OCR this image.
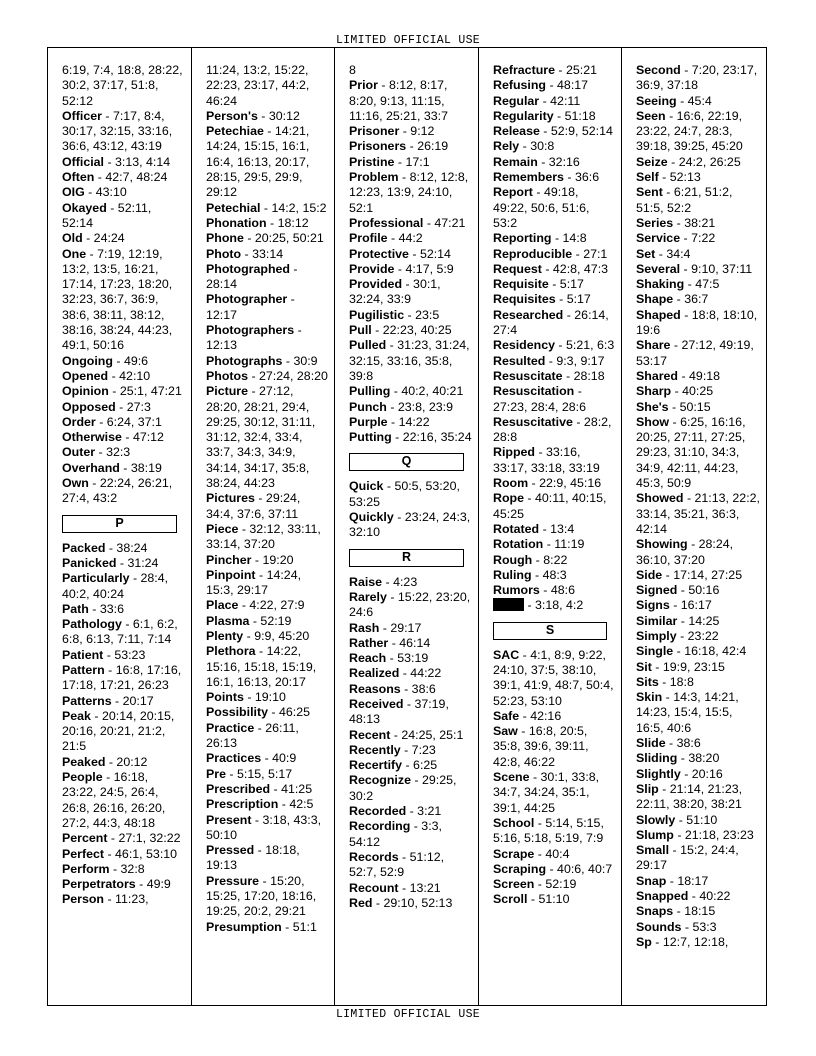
LIMITED OFFICIAL USE

6:19, 7:4, 18:8, 28:22, 30:2, 37:17, 51:8, 52:12

Officer - 7:17, 8:4, 30:17, 32:15, 33:16, 36:6, 43:12, 43:19

Official - 3:13, 4:14

Often - 42:7, 48:24

OIG - 43:10

Okayed - 52:11, 52:14

Old - 24:24

One - 7:19, 12:19, 13:2, 13:5, 16:21, 17:14, 17:23, 18:20, 32:23, 36:7, 36:9, 38:6, 38:11, 38:12, 38:16, 38:24, 44:23, 49:1, 50:16

Ongoing - 49:6

Opened - 42:10

Opinion - 25:1, 47:21

Opposed - 27:3

Order - 6:24, 37:1

Otherwise - 47:12

Outer - 32:3

Overhand - 38:19

Own - 22:24, 26:21, 27:4, 43:2

P

Packed - 38:24

Panicked - 31:24

Particularly - 28:4, 40:2, 40:24

Path - 33:6

Pathology - 6:1, 6:2, 6:8, 6:13, 7:11, 7:14

Patient - 53:23

Pattern - 16:8, 17:16, 17:18, 17:21, 26:23

Patterns - 20:17

Peak - 20:14, 20:15, 20:16, 20:21, 21:2, 21:5

Peaked - 20:12

People - 16:18, 23:22, 24:5, 26:4, 26:8, 26:16, 26:20, 27:2, 44:3, 48:18

Percent - 27:1, 32:22

Perfect - 46:1, 53:10

Perform - 32:8

Perpetrators - 49:9

Person - 11:23,

11:24, 13:2, 15:22, 22:23, 23:17, 44:2, 46:24

Person's - 30:12

Petechiae - 14:21, 14:24, 15:15, 16:1, 16:4, 16:13, 20:17, 28:15, 29:5, 29:9, 29:12

Petechial - 14:2, 15:2

Phonation - 18:12

Phone - 20:25, 50:21

Photo - 33:14

Photographed - 28:14

Photographer - 12:17

Photographers - 12:13

Photographs - 30:9

Photos - 27:24, 28:20

Picture - 27:12, 28:20, 28:21, 29:4, 29:25, 30:12, 31:11, 31:12, 32:4, 33:4, 33:7, 34:3, 34:9, 34:14, 34:17, 35:8, 38:24, 44:23

Pictures - 29:24, 34:4, 37:6, 37:11

Piece - 32:12, 33:11, 33:14, 37:20

Pincher - 19:20

Pinpoint - 14:24, 15:3, 29:17

Place - 4:22, 27:9

Plasma - 52:19

Plenty - 9:9, 45:20

Plethora - 14:22, 15:16, 15:18, 15:19, 16:1, 16:13, 20:17

Points - 19:10

Possibility - 46:25

Practice - 26:11, 26:13

Practices - 40:9

Pre - 5:15, 5:17

Prescribed - 41:25

Prescription - 42:5

Present - 3:18, 43:3, 50:10

Pressed - 18:18, 19:13

Pressure - 15:20, 15:25, 17:20, 18:16, 19:25, 20:2, 29:21

Presumption - 51:1

8

Prior - 8:12, 8:17, 8:20, 9:13, 11:15, 11:16, 25:21, 33:7

Prisoner - 9:12

Prisoners - 26:19

Pristine - 17:1

Problem - 8:12, 12:8, 12:23, 13:9, 24:10, 52:1

Professional - 47:21

Profile - 44:2

Protective - 52:14

Provide - 4:17, 5:9

Provided - 30:1, 32:24, 33:9

Pugilistic - 23:5

Pull - 22:23, 40:25

Pulled - 31:23, 31:24, 32:15, 33:16, 35:8, 39:8

Pulling - 40:2, 40:21

Punch - 23:8, 23:9

Purple - 14:22

Putting - 22:16, 35:24

Q

Quick - 50:5, 53:20, 53:25

Quickly - 23:24, 24:3, 32:10

R

Raise - 4:23

Rarely - 15:22, 23:20, 24:6

Rash - 29:17

Rather - 46:14

Reach - 53:19

Realized - 44:22

Reasons - 38:6

Received - 37:19, 48:13

Recent - 24:25, 25:1

Recently - 7:23

Recertify - 6:25

Recognize - 29:25, 30:2

Recorded - 3:21

Recording - 3:3, 54:12

Records - 51:12, 52:7, 52:9

Recount - 13:21

Red - 29:10, 52:13

Refracture - 25:21

Refusing - 48:17

Regular - 42:11

Regularity - 51:18

Release - 52:9, 52:14

Rely - 30:8

Remain - 32:16

Remembers - 36:6

Report - 49:18, 49:22, 50:6, 51:6, 53:2

Reporting - 14:8

Reproducible - 27:1

Request - 42:8, 47:3

Requisite - 5:17

Requisites - 5:17

Researched - 26:14, 27:4

Residency - 5:21, 6:3

Resulted - 9:3, 9:17

Resuscitate - 28:18

Resuscitation - 27:23, 28:4, 28:6

Resuscitative - 28:2, 28:8

Ripped - 33:16, 33:17, 33:18, 33:19

Room - 22:9, 45:16

Rope - 40:11, 40:15, 45:25

Rotated - 13:4

Rotation - 11:19

Rough - 8:22

Ruling - 48:3

Rumors - 48:6

- 3:18, 4:2

S

SAC - 4:1, 8:9, 9:22, 24:10, 37:5, 38:10, 39:1, 41:9, 48:7, 50:4, 52:23, 53:10

Safe - 42:16

Saw - 16:8, 20:5, 35:8, 39:6, 39:11, 42:8, 46:22

Scene - 30:1, 33:8, 34:7, 34:24, 35:1, 39:1, 44:25

School - 5:14, 5:15, 5:16, 5:18, 5:19, 7:9

Scrape - 40:4

Scraping - 40:6, 40:7

Screen - 52:19

Scroll - 51:10

Second - 7:20, 23:17, 36:9, 37:18

Seeing - 45:4

Seen - 16:6, 22:19, 23:22, 24:7, 28:3, 39:18, 39:25, 45:20

Seize - 24:2, 26:25

Self - 52:13

Sent - 6:21, 51:2, 51:5, 52:2

Series - 38:21

Service - 7:22

Set - 34:4

Several - 9:10, 37:11

Shaking - 47:5

Shape - 36:7

Shaped - 18:8, 18:10, 19:6

Share - 27:12, 49:19, 53:17

Shared - 49:18

Sharp - 40:25

She's - 50:15

Show - 6:25, 16:16, 20:25, 27:11, 27:25, 29:23, 31:10, 34:3, 34:9, 42:11, 44:23, 45:3, 50:9

Showed - 21:13, 22:2, 33:14, 35:21, 36:3, 42:14

Showing - 28:24, 36:10, 37:20

Side - 17:14, 27:25

Signed - 50:16

Signs - 16:17

Similar - 14:25

Simply - 23:22

Single - 16:18, 42:4

Sit - 19:9, 23:15

Sits - 18:8

Skin - 14:3, 14:21, 14:23, 15:4, 15:5, 16:5, 40:6

Slide - 38:6

Sliding - 38:20

Slightly - 20:16

Slip - 21:14, 21:23, 22:11, 38:20, 38:21

Slowly - 51:10

Slump - 21:18, 23:23

Small - 15:2, 24:4, 29:17

Snap - 18:17

Snapped - 40:22

Snaps - 18:15

Sounds - 53:3

Sp - 12:7, 12:18,

LIMITED OFFICIAL USE
